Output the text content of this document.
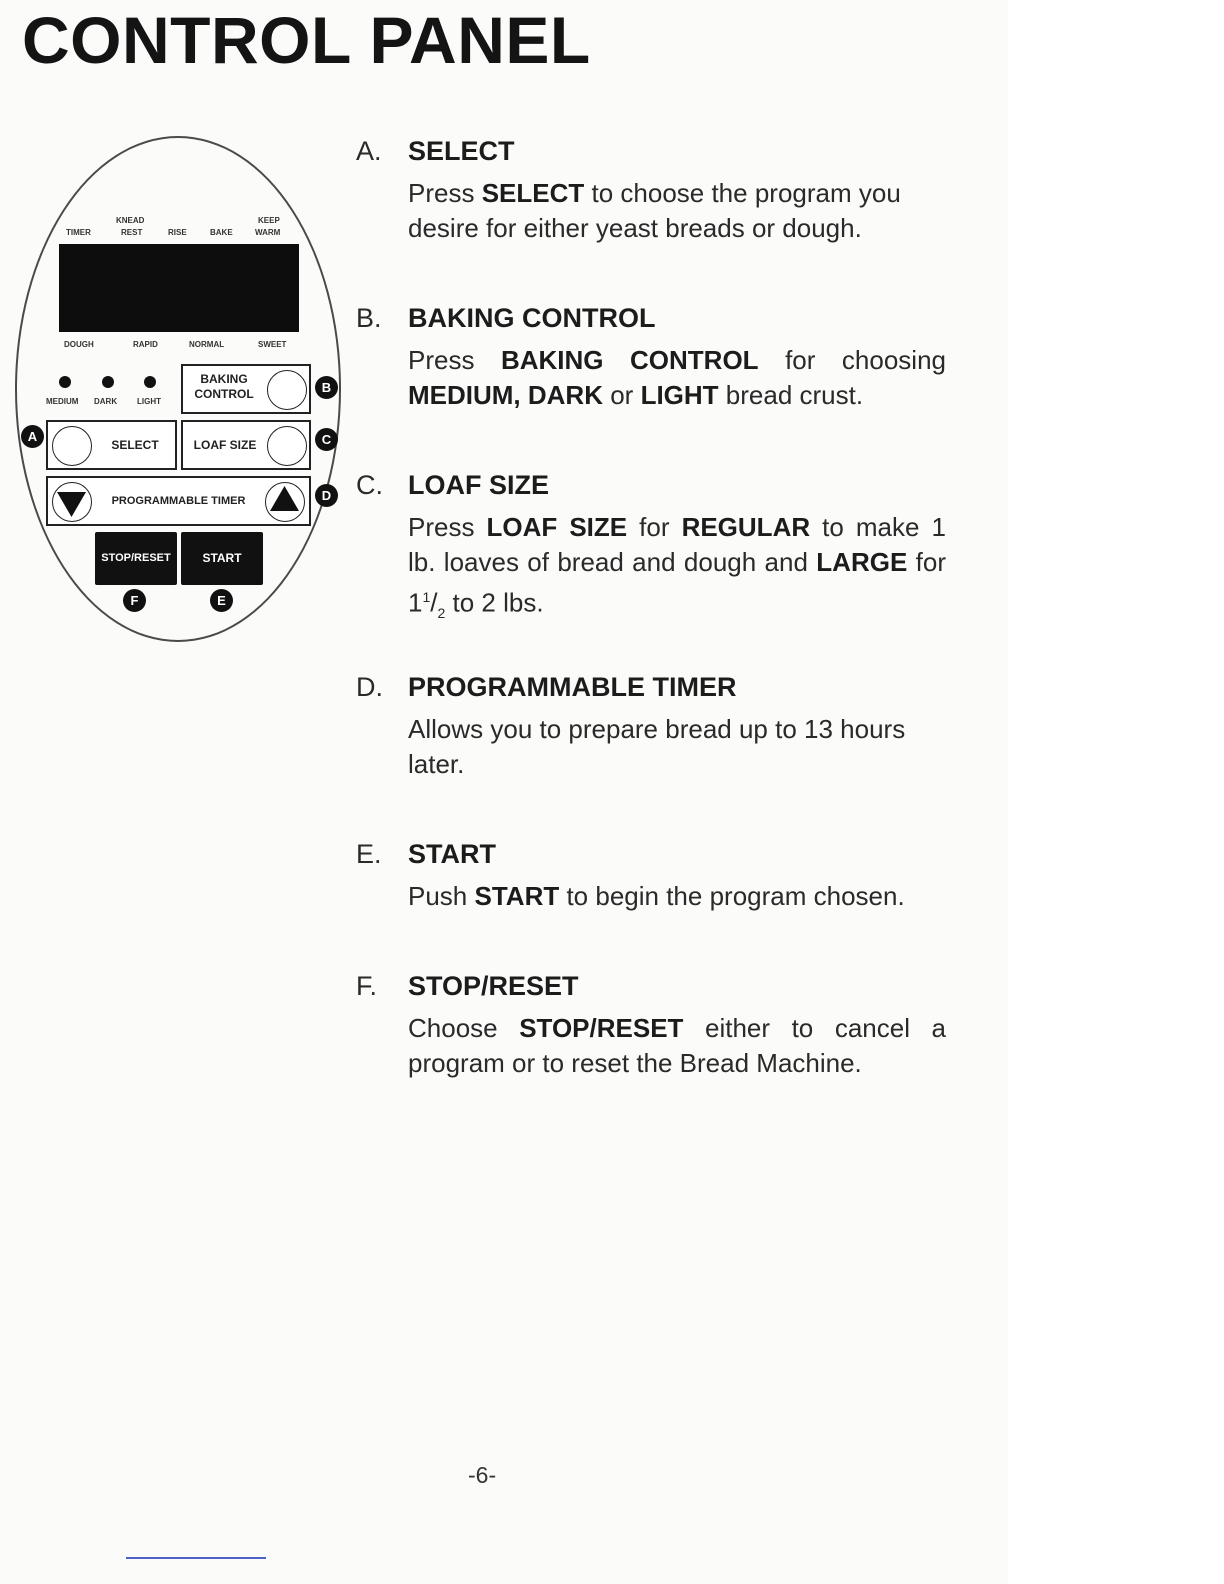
CONTROL PANEL
TIMER
KNEAD
REST	RISE	BAKE
KEEP
WARM
DOUGH	RAPID	NORMAL	SWEET
MEDIUM DARK LIGHT
BAKING
CONTROL
SELECT	LOAF SIZE
PROGRAMMABLE TIMER
STOP/RESET	START
A
B
C
D
F	E
A. SELECT
Press SELECT to choose the program you desire for either yeast breads or dough.
B. BAKING CONTROL
Press BAKING CONTROL for choosing MEDIUM, DARK or LIGHT bread crust.
C. LOAF SIZE
Press LOAF SIZE for REGULAR to make 1 lb. loaves of bread and dough and LARGE for $1^1/_2$ to 2 lbs.
D. PROGRAMMABLE TIMER
Allows you to prepare bread up to 13 hours later.
E. START
Push START to begin the program chosen.
F. STOP/RESET
Choose STOP/RESET either to cancel a program or to reset the Bread Machine.
-6-
